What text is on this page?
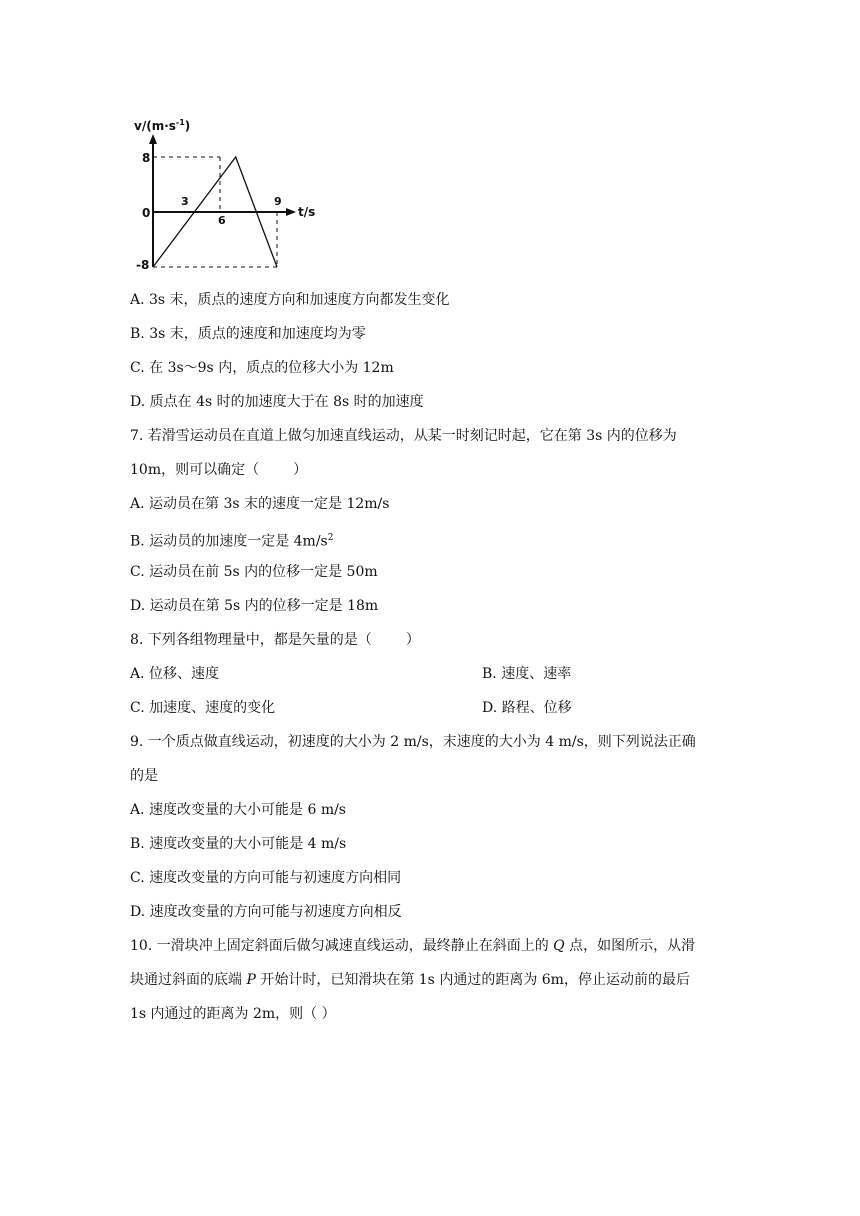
$v/(m\cdot s^{-1})$
8
0
-8
3
6
9
t/s
A. 3s 末，质点的速度方向和加速度方向都发生变化
B. 3s 末，质点的速度和加速度均为零
C. 在 3s～9s 内，质点的位移大小为 12m
D. 质点在 4s 时的加速度大于在 8s 时的加速度
7. 若滑雪运动员在直道上做匀加速直线运动，从某一时刻记时起，它在第 3s 内的位移为
10m，则可以确定（ ）
A. 运动员在第 3s 末的速度一定是 12m/s
B. 运动员的加速度一定是 $4m/s^2$
C. 运动员在前 5s 内的位移一定是 50m
D. 运动员在第 5s 内的位移一定是 18m
8. 下列各组物理量中，都是矢量的是（ ）
A. 位移、速度	B. 速度、速率
C. 加速度、速度的变化	D. 路程、位移
9. 一个质点做直线运动，初速度的大小为 2 m/s，末速度的大小为 4 m/s，则下列说法正确
的是
A. 速度改变量的大小可能是 6 m/s
B. 速度改变量的大小可能是 4 m/s
C. 速度改变量的方向可能与初速度方向相同
D. 速度改变量的方向可能与初速度方向相反
10. 一滑块冲上固定斜面后做匀减速直线运动，最终静止在斜面上的 Q 点，如图所示，从滑
块通过斜面的底端 P 开始计时，已知滑块在第 1s 内通过的距离为 6m，停止运动前的最后
1s 内通过的距离为 2m，则（ ）
